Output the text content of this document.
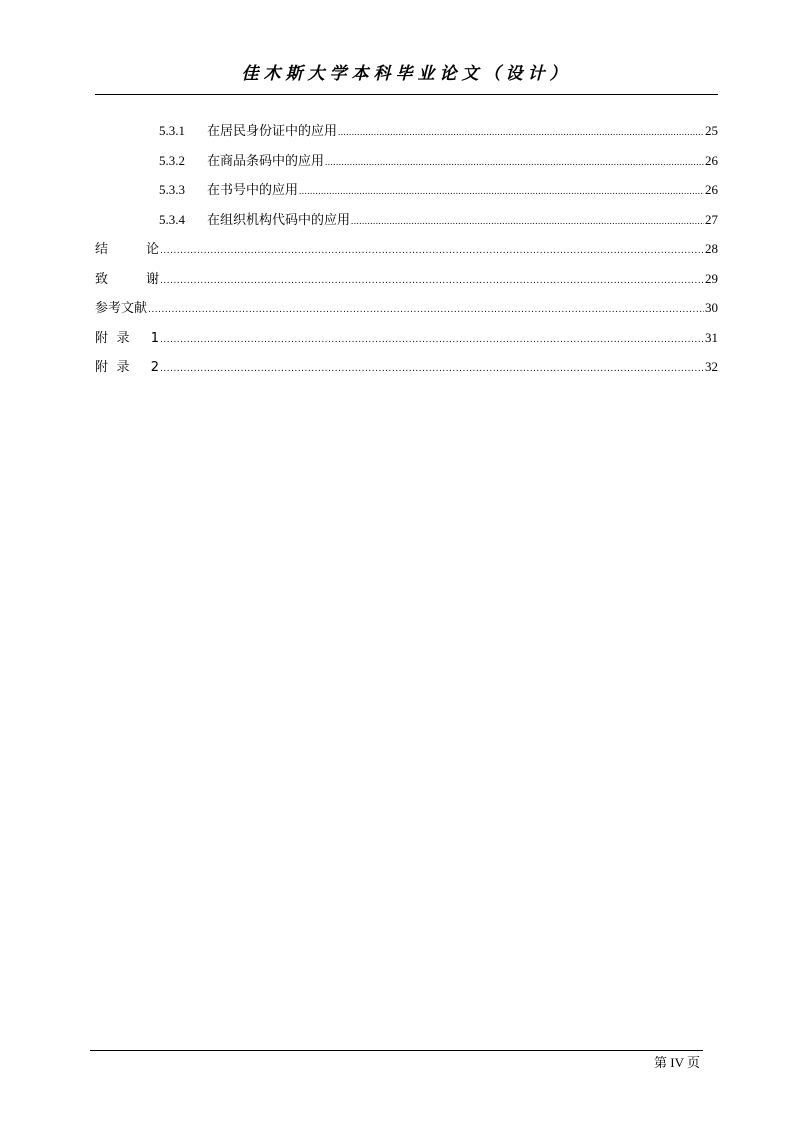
佳木斯大学本科毕业论文（设计）
5.3.1	在居民身份证中的应用 .....	25
5.3.2	在商品条码中的应用 .....	26
5.3.3	在书号中的应用 .....	26
5.3.4	在组织机构代码中的应用 .....	27
结论 .....	28
致谢 .....	29
参考文献 .....	30
附录 1 .....	31
附录 2 .....	32
第 IV 页
